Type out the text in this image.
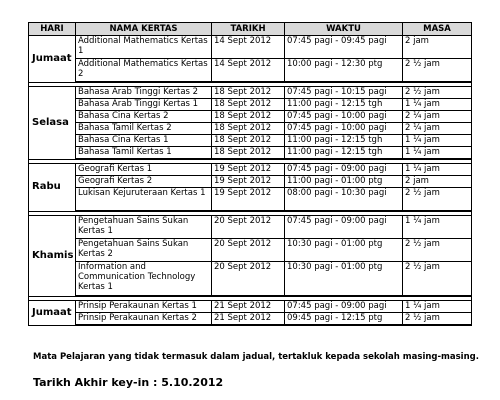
HARI	NAMA KERTAS	TARIKH	WAKTU	MASA
Jumaat	Additional Mathematics Kertas 1	14 Sept 2012	07:45 pagi - 09:45 pagi	2 jam
	Additional Mathematics Kertas 2	14 Sept 2012	10:00 pagi - 12:30 ptg	2 ½ jam

Selasa	Bahasa Arab Tinggi Kertas 2	18 Sept 2012	07:45 pagi - 10:15 pagi	2 ½ jam
	Bahasa Arab Tinggi Kertas 1	18 Sept 2012	11:00 pagi - 12:15 tgh	1 ¼ jam
	Bahasa Cina Kertas 2	18 Sept 2012	07:45 pagi - 10:00 pagi	2 ¼ jam
	Bahasa Tamil Kertas 2	18 Sept 2012	07:45 pagi - 10:00 pagi	2 ¼ jam
	Bahasa Cina Kertas 1	18 Sept 2012	11:00 pagi - 12:15 tgh	1 ¼ jam
	Bahasa Tamil Kertas 1	18 Sept 2012	11:00 pagi - 12:15 tgh	1 ¼ jam

Rabu	Geografi Kertas 1	19 Sept 2012	07:45 pagi - 09:00 pagi	1 ¼ jam
	Geografi Kertas 2	19 Sept 2012	11:00 pagi - 01:00 ptg	2 jam
	Lukisan Kejuruteraan Kertas 1	19 Sept 2012	08:00 pagi - 10:30 pagi	2 ½ jam

Khamis	Pengetahuan Sains Sukan Kertas 1	20 Sept 2012	07:45 pagi - 09:00 pagi	1 ¼ jam
	Pengetahuan Sains Sukan Kertas 2	20 Sept 2012	10:30 pagi - 01:00 ptg	2 ½ jam
	Information and Communication Technology Kertas 1	20 Sept 2012	10:30 pagi - 01:00 ptg	2 ½ jam

Jumaat	Prinsip Perakaunan Kertas 1	21 Sept 2012	07:45 pagi - 09:00 pagi	1 ¼ jam
	Prinsip Perakaunan Kertas 2	21 Sept 2012	09:45 pagi - 12:15 ptg	2 ½ jam

Mata Pelajaran yang tidak termasuk dalam jadual, tertakluk kepada sekolah masing-masing.

Tarikh Akhir key-in : 5.10.2012
